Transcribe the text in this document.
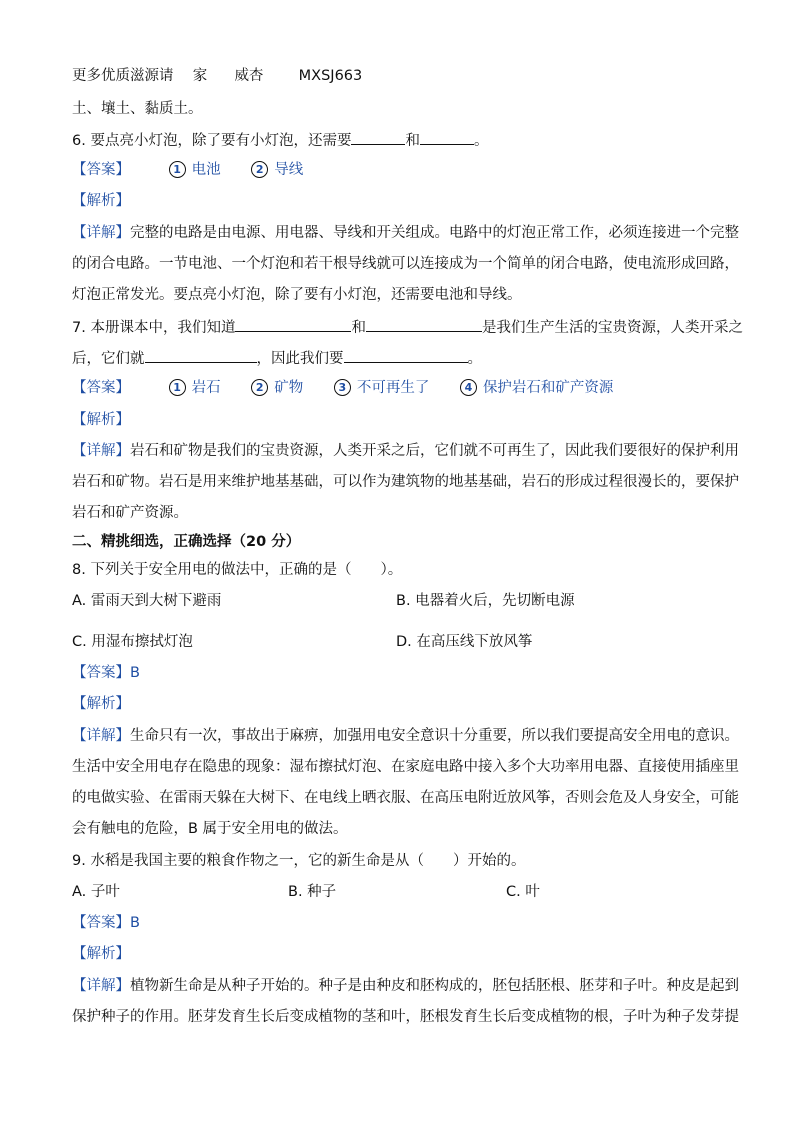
更多优质滋源请 家 威杏 MXSJ663
土、壤土、黏质土。
6. 要点亮小灯泡，除了要有小灯泡，还需要	和	。
【答案】	1 电池	2 导线
【解析】
【详解】完整的电路是由电源、用电器、导线和开关组成。电路中的灯泡正常工作，必须连接进一个完整
的闭合电路。一节电池、一个灯泡和若干根导线就可以连接成为一个简单的闭合电路，使电流形成回路，
灯泡正常发光。要点亮小灯泡，除了要有小灯泡，还需要电池和导线。
7. 本册课本中，我们知道	和	是我们生产生活的宝贵资源，人类开采之
后，它们就	，因此我们要	。
【答案】	1 岩石	2 矿物	3 不可再生了	4 保护岩石和矿产资源
【解析】
【详解】岩石和矿物是我们的宝贵资源，人类开采之后，它们就不可再生了，因此我们要很好的保护利用
岩石和矿物。岩石是用来维护地基基础，可以作为建筑物的地基基础，岩石的形成过程很漫长的，要保护
岩石和矿产资源。
二、精挑细选，正确选择（20 分）
8. 下列关于安全用电的做法中，正确的是（　　）。
A. 雷雨天到大树下避雨	B. 电器着火后，先切断电源
C. 用湿布擦拭灯泡	D. 在高压线下放风筝
【答案】B
【解析】
【详解】生命只有一次，事故出于麻痹，加强用电安全意识十分重要，所以我们要提高安全用电的意识。
生活中安全用电存在隐患的现象：湿布擦拭灯泡、在家庭电路中接入多个大功率用电器、直接使用插座里
的电做实验、在雷雨天躲在大树下、在电线上晒衣服、在高压电附近放风筝，否则会危及人身安全，可能
会有触电的危险，B 属于安全用电的做法。
9. 水稻是我国主要的粮食作物之一，它的新生命是从（　　）开始的。
A. 子叶	B. 种子	C. 叶
【答案】B
【解析】
【详解】植物新生命是从种子开始的。种子是由种皮和胚构成的，胚包括胚根、胚芽和子叶。种皮是起到
保护种子的作用。胚芽发育生长后变成植物的茎和叶，胚根发育生长后变成植物的根，子叶为种子发芽提
